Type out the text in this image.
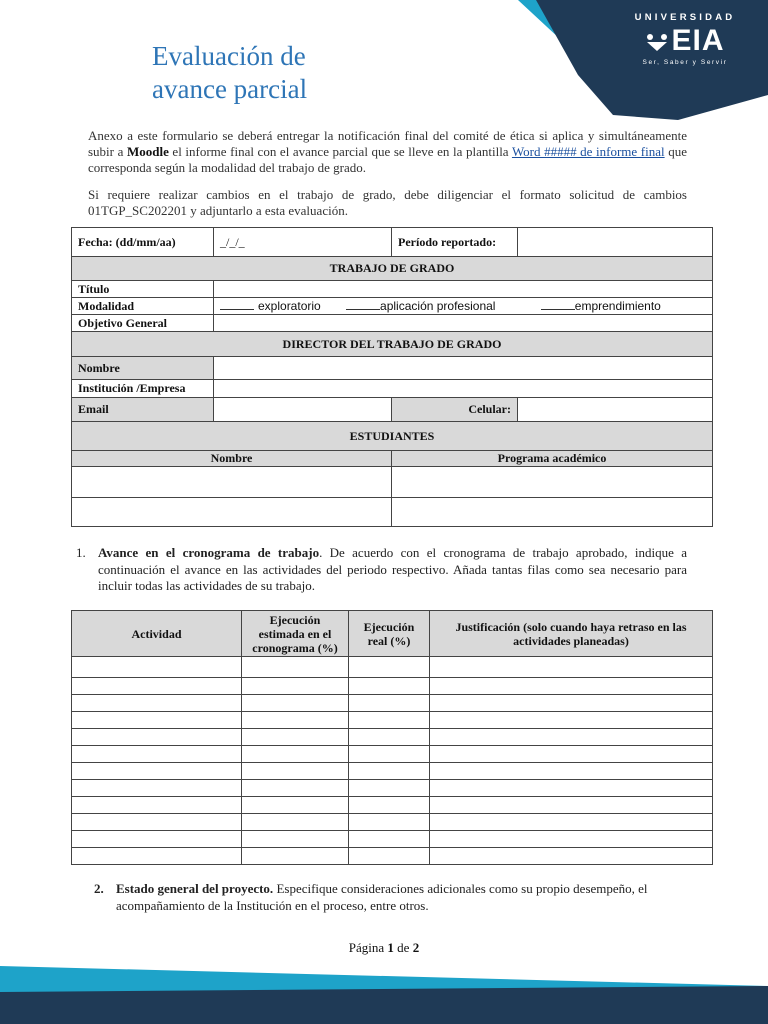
UNIVERSIDAD
EIA
Ser, Saber y Servir
Evaluación de
avance parcial
Anexo a este formulario se deberá entregar la notificación final del comité de ética si aplica y simultáneamente subir a Moodle el informe final con el avance parcial que se lleve en la plantilla Word ##### de informe final que corresponda según la modalidad del trabajo de grado.
Si requiere realizar cambios en el trabajo de grado, debe diligenciar el formato solicitud de cambios 01TGP_SC202201 y adjuntarlo a esta evaluación.
Fecha: (dd/mm/aa)	_/_/_	Período reportado:	
TRABAJO DE GRADO			
Título			
Modalidad	exploratorio aplicación profesional emprendimiento		
Objetivo General			
DIRECTOR DEL TRABAJO DE GRADO			
Nombre			
Institución /Empresa			
Email		Celular:	
ESTUDIANTES			
Nombre		Programa académico	

1. Avance en el cronograma de trabajo. De acuerdo con el cronograma de trabajo aprobado, indique a continuación el avance en las actividades del periodo respectivo. Añada tantas filas como sea necesario para incluir todas las actividades de su trabajo.
Actividad	Ejecución estimada en el cronograma (%)	Ejecución real (%)	Justificación (solo cuando haya retraso en las actividades planeadas)

2. Estado general del proyecto. Especifique consideraciones adicionales como su propio desempeño, el acompañamiento de la Institución en el proceso, entre otros.
Página 1 de 2
